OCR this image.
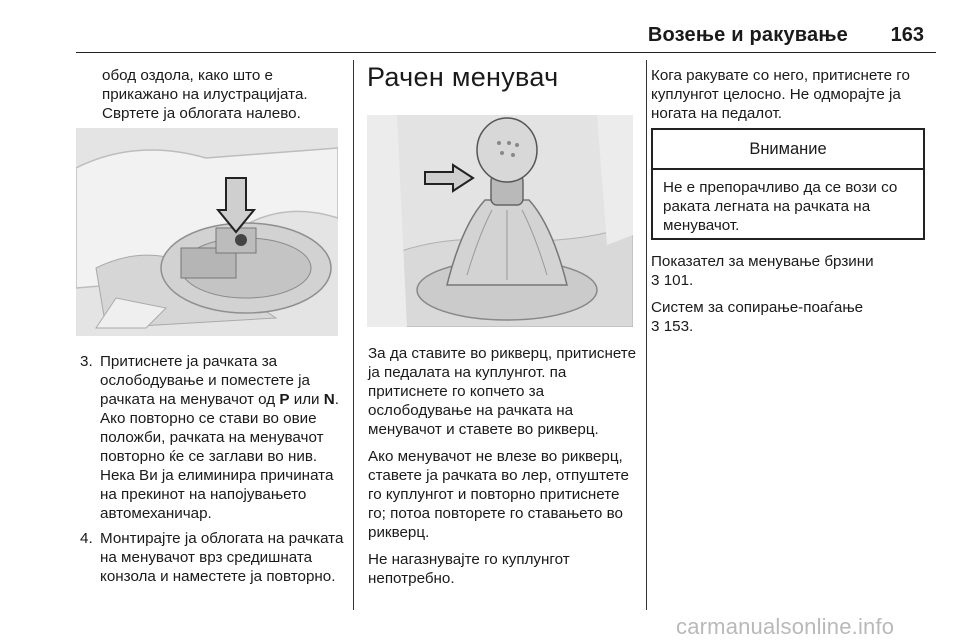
Возење и ракување 163
обод оздола, како што е прикажано на илустрацијата. Свртете ја облогата налево.
3. Притиснете ја рачката за ослободување и поместете ја рачката на менувачот од P или N. Ако повторно се стави во овие положби, рачката на менувачот повторно ќе се заглави во нив. Нека Ви ја елиминира причината на прекинот на напојувањето автомеханичар.
4. Монтирајте ја облогата на рачката на менувачот врз средишната конзола и наместете ја повторно.
Рачен менувач

За да ставите во рикверц, притиснете ја педалата на куплунгот. па притиснете го копчето за ослободување на рачката на менувачот и ставете во рикверц.

Ако менувачот не влезе во рикверц, ставете ја рачката во лер, отпуштете го куплунгот и повторно притиснете го; потоа повторете го ставањето во рикверц.

Не нагазнувајте го куплунгот непотребно.

Кога ракувате со него, притиснете го куплунгот целосно. Не одморајте ја ногата на педалот.

Внимание
Не е препорачливо да се вози со раката легната на рачката на менувачот.

Показател за менување брзини
3 101.

Систем за сопирање-поаѓање
3 153.

carmanualsonline.info
